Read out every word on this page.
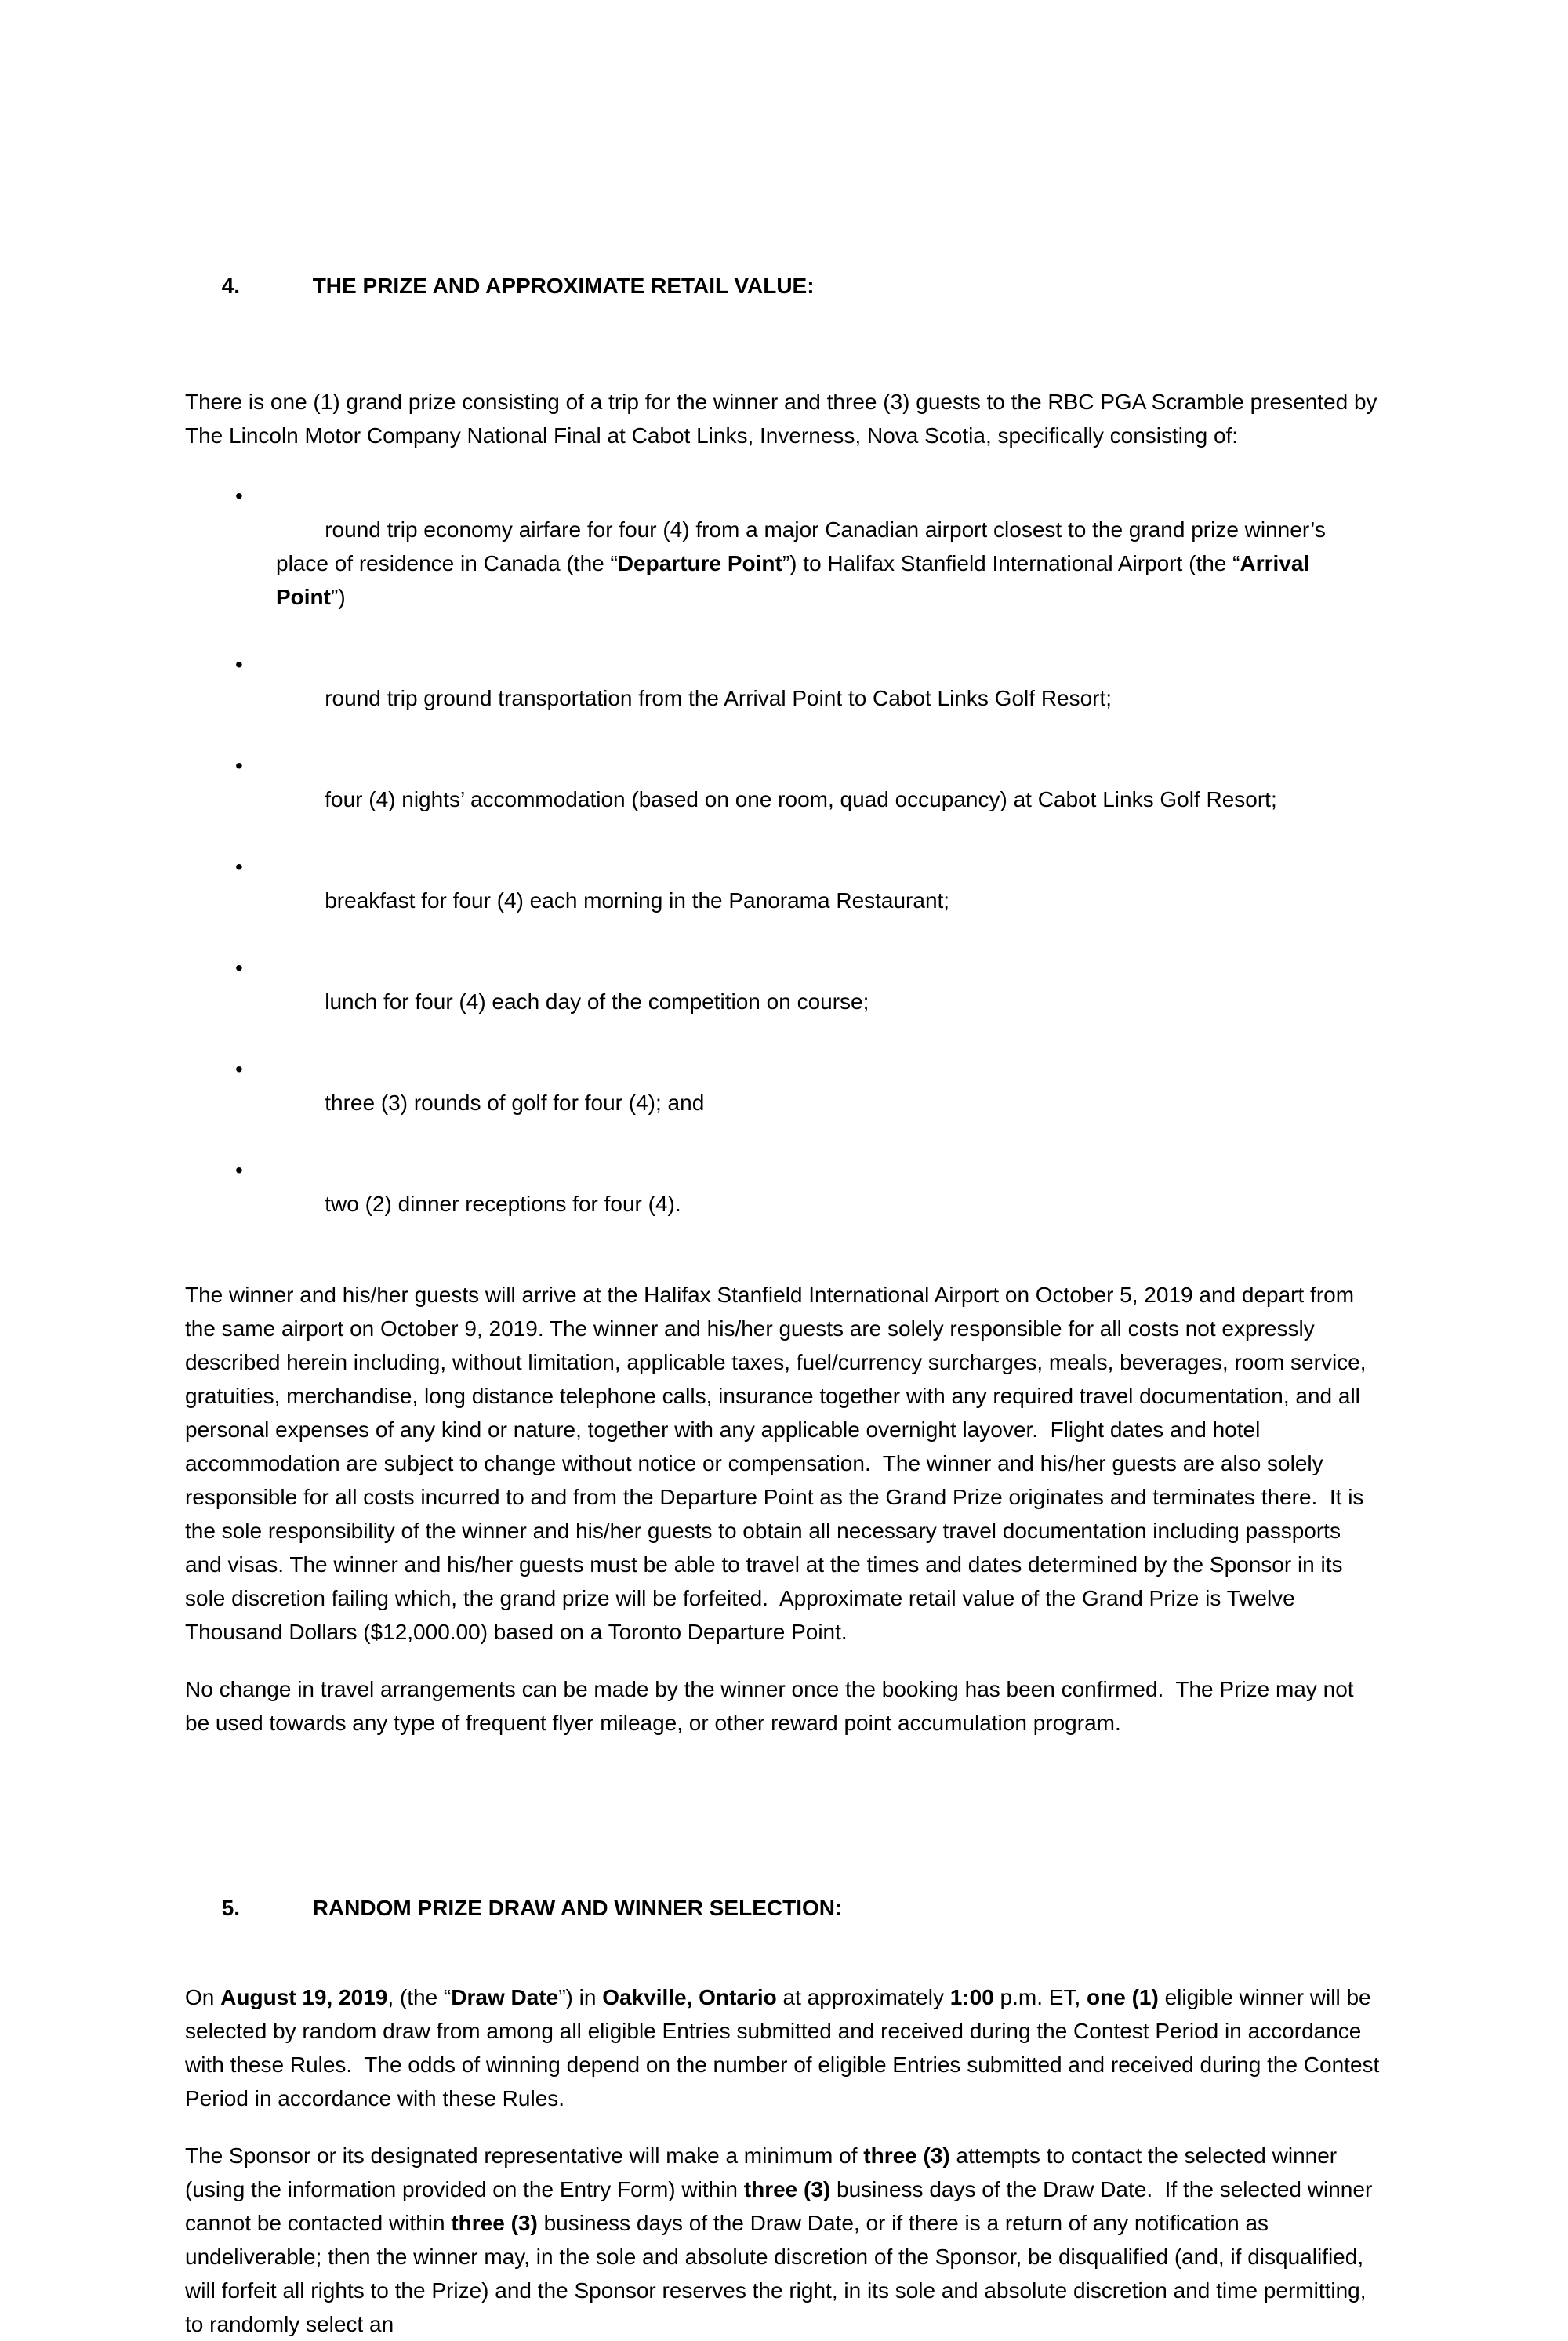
4.	THE PRIZE AND APPROXIMATE RETAIL VALUE:

There is one (1) grand prize consisting of a trip for the winner and three (3) guests to the RBC PGA Scramble presented by The Lincoln Motor Company National Final at Cabot Links, Inverness, Nova Scotia, specifically consisting of:

•
round trip economy airfare for four (4) from a major Canadian airport closest to the grand prize winner’s place of residence in Canada (the “Departure Point”) to Halifax Stanfield International Airport (the “Arrival Point”)

•
round trip ground transportation from the Arrival Point to Cabot Links Golf Resort;

•
four (4) nights’ accommodation (based on one room, quad occupancy) at Cabot Links Golf Resort;

•
breakfast for four (4) each morning in the Panorama Restaurant;

•
lunch for four (4) each day of the competition on course;

•
three (3) rounds of golf for four (4); and

•
two (2) dinner receptions for four (4).

The winner and his/her guests will arrive at the Halifax Stanfield International Airport on October 5, 2019 and depart from the same airport on October 9, 2019. The winner and his/her guests are solely responsible for all costs not expressly described herein including, without limitation, applicable taxes, fuel/currency surcharges, meals, beverages, room service, gratuities, merchandise, long distance telephone calls, insurance together with any required travel documentation, and all personal expenses of any kind or nature, together with any applicable overnight layover.  Flight dates and hotel accommodation are subject to change without notice or compensation.  The winner and his/her guests are also solely responsible for all costs incurred to and from the Departure Point as the Grand Prize originates and terminates there.  It is the sole responsibility of the winner and his/her guests to obtain all necessary travel documentation including passports and visas. The winner and his/her guests must be able to travel at the times and dates determined by the Sponsor in its sole discretion failing which, the grand prize will be forfeited.  Approximate retail value of the Grand Prize is Twelve Thousand Dollars ($12,000.00) based on a Toronto Departure Point.

No change in travel arrangements can be made by the winner once the booking has been confirmed.  The Prize may not be used towards any type of frequent flyer mileage, or other reward point accumulation program.

5.	RANDOM PRIZE DRAW AND WINNER SELECTION:

On August 19, 2019, (the “Draw Date”) in Oakville, Ontario at approximately 1:00 p.m. ET, one (1) eligible winner will be selected by random draw from among all eligible Entries submitted and received during the Contest Period in accordance with these Rules.  The odds of winning depend on the number of eligible Entries submitted and received during the Contest Period in accordance with these Rules.

The Sponsor or its designated representative will make a minimum of three (3) attempts to contact the selected winner (using the information provided on the Entry Form) within three (3) business days of the Draw Date.  If the selected winner cannot be contacted within three (3) business days of the Draw Date, or if there is a return of any notification as undeliverable; then the winner may, in the sole and absolute discretion of the Sponsor, be disqualified (and, if disqualified, will forfeit all rights to the Prize) and the Sponsor reserves the right, in its sole and absolute discretion and time permitting, to randomly select an
